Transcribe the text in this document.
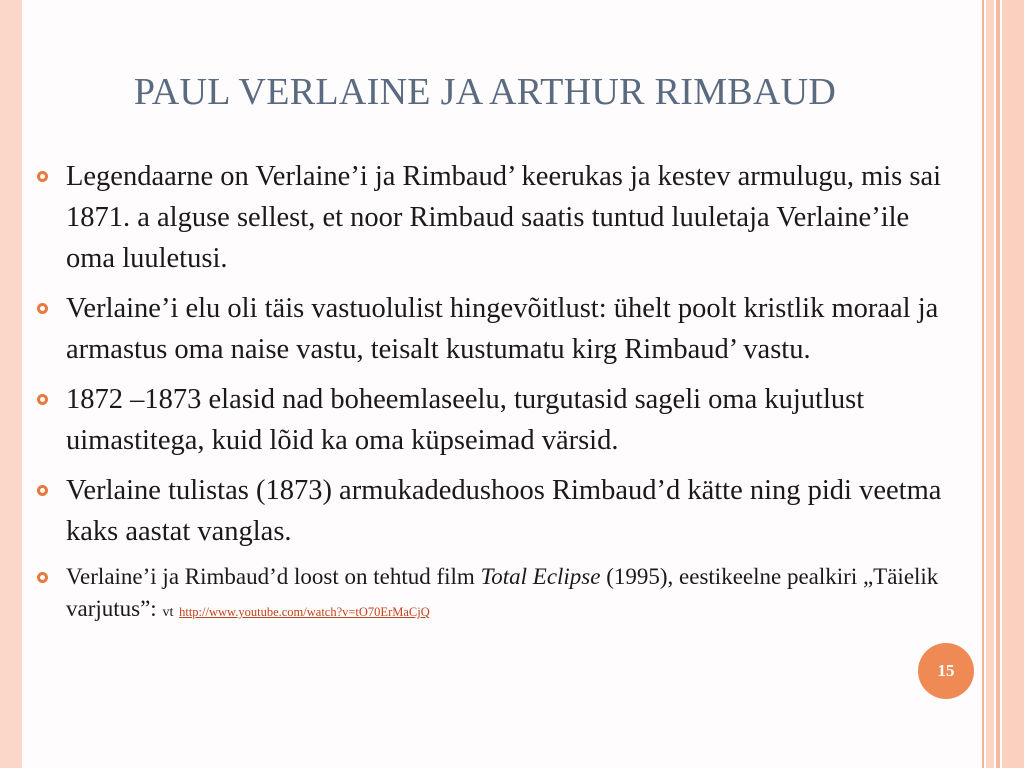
PAUL VERLAINE JA ARTHUR RIMBAUD
Legendaarne on Verlaine’i ja Rimbaud’ keerukas ja kestev armulugu, mis sai 1871. a alguse sellest, et noor Rimbaud saatis tuntud luuletaja Verlaine’ile oma luuletusi.
Verlaine’i elu oli täis vastuolulist hingevõitlust: ühelt poolt kristlik moraal ja armastus oma naise vastu, teisalt kustumatu kirg Rimbaud’ vastu.
1872 –1873 elasid nad boheemlaseelu, turgutasid sageli oma kujutlust uimastitega, kuid lõid ka oma küpseimad värsid.
Verlaine tulistas (1873) armukadedushoos Rimbaud’d kätte ning pidi veetma kaks aastat vanglas.
Verlaine’i ja Rimbaud’d loost on tehtud film Total Eclipse (1995), eestikeelne pealkiri „Täielik varjutus”: vt http://www.youtube.com/watch?v=tO70ErMaCjQ
15
